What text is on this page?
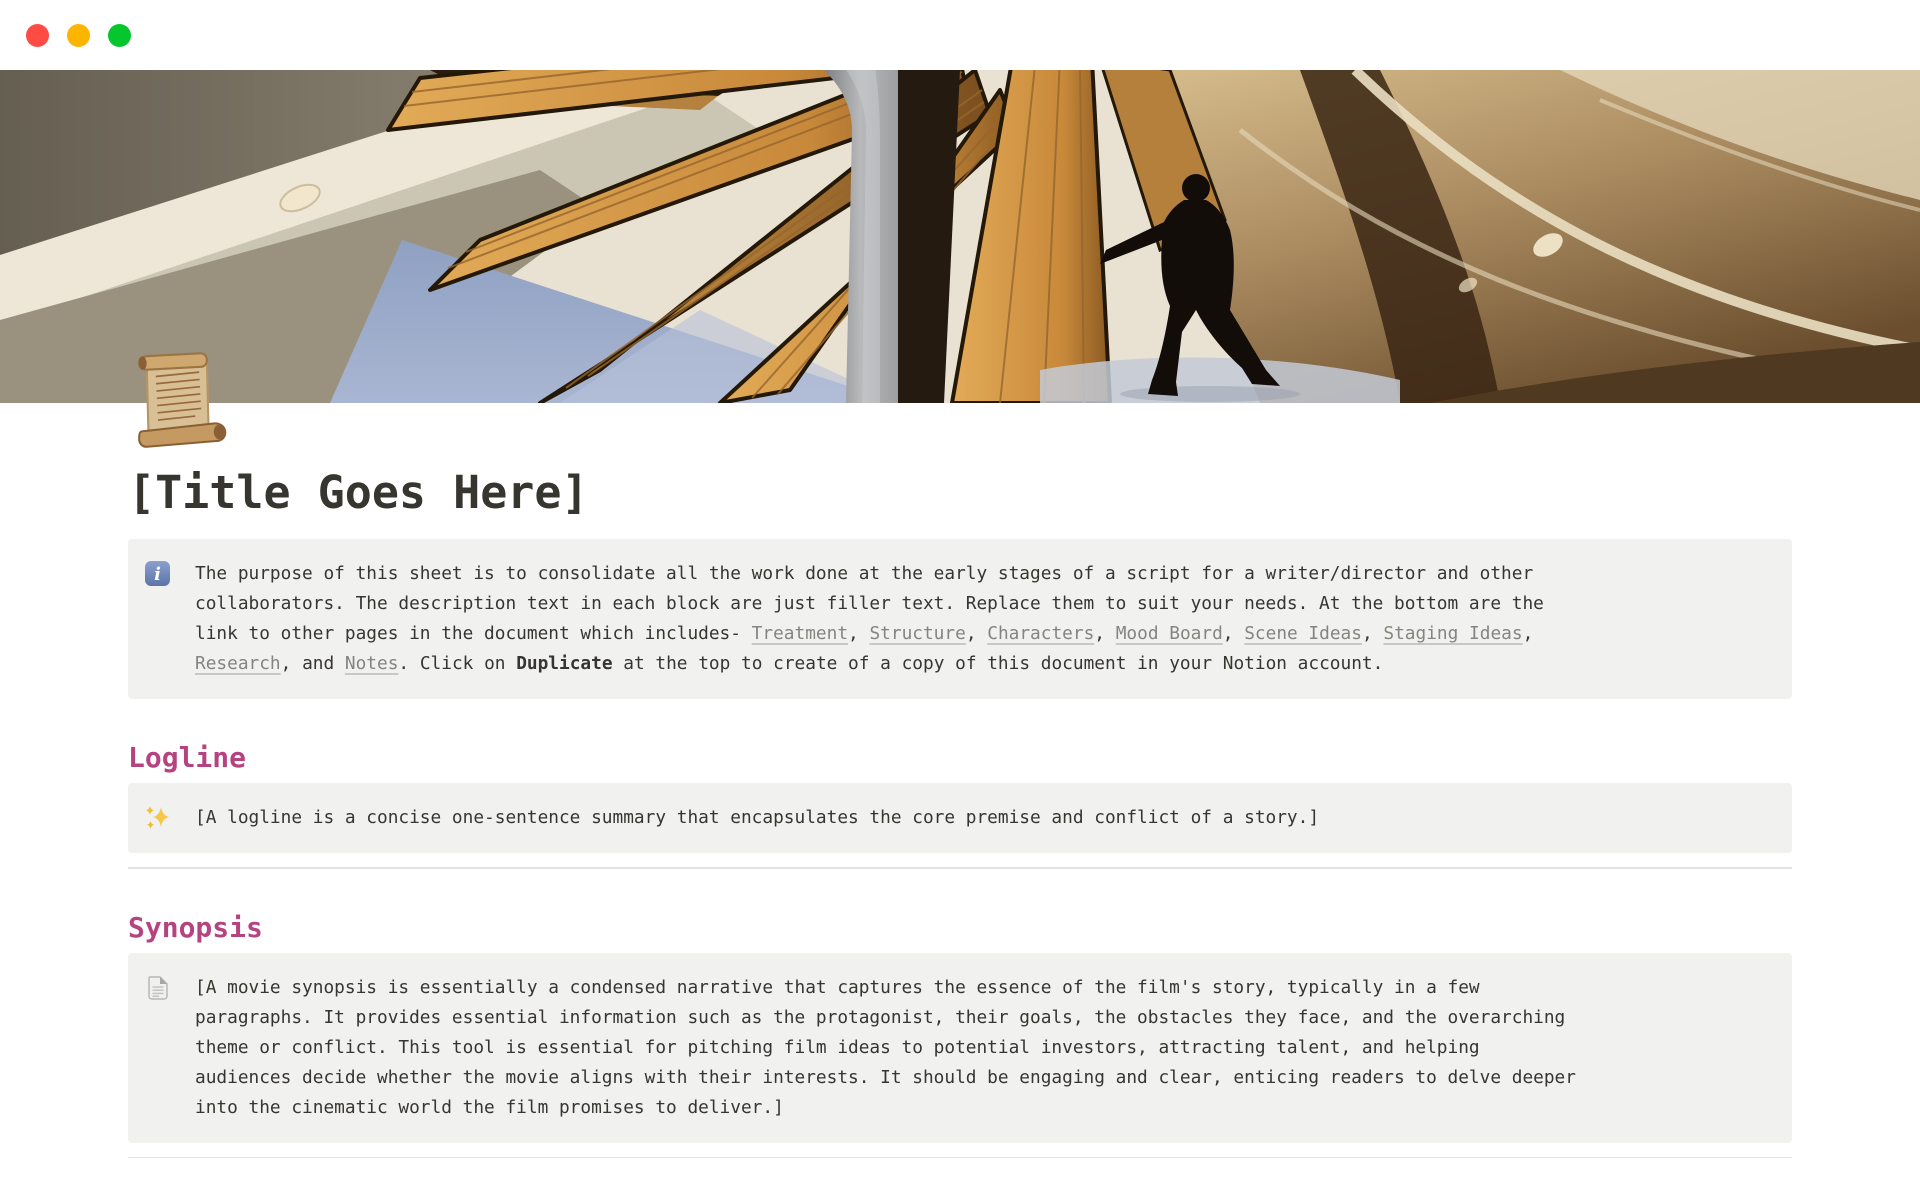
[Title Goes Here]
i The purpose of this sheet is to consolidate all the work done at the early stages of a script for a writer/director and other collaborators. The description text in each block are just filler text. Replace them to suit your needs. At the bottom are the link to other pages in the document which includes- Treatment, Structure, Characters, Mood Board, Scene Ideas, Staging Ideas, Research, and Notes. Click on Duplicate at the top to create of a copy of this document in your Notion account.

Logline

[A logline is a concise one-sentence summary that encapsulates the core premise and conflict of a story.]

Synopsis

[A movie synopsis is essentially a condensed narrative that captures the essence of the film's story, typically in a few paragraphs. It provides essential information such as the protagonist, their goals, the obstacles they face, and the overarching theme or conflict. This tool is essential for pitching film ideas to potential investors, attracting talent, and helping audiences decide whether the movie aligns with their interests. It should be engaging and clear, enticing readers to delve deeper into the cinematic world the film promises to deliver.]
